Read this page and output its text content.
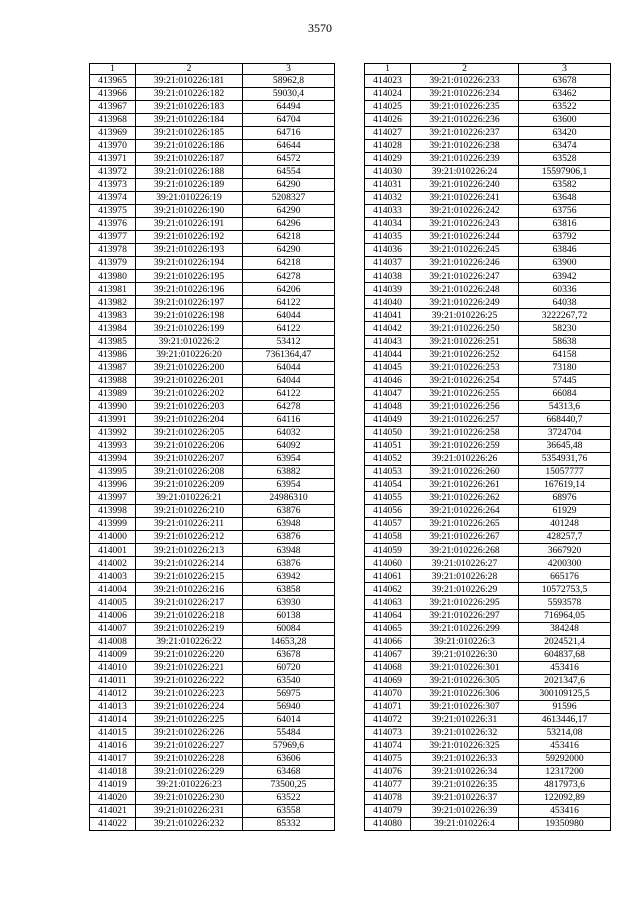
3570
1	2	3
413965	39:21:010226:181	58962,8
413966	39:21:010226:182	59030,4
413967	39:21:010226:183	64494
413968	39:21:010226:184	64704
413969	39:21:010226:185	64716
413970	39:21:010226:186	64644
413971	39:21:010226:187	64572
413972	39:21:010226:188	64554
413973	39:21:010226:189	64290
413974	39:21:010226:19	5208327
413975	39:21:010226:190	64290
413976	39:21:010226:191	64296
413977	39:21:010226:192	64218
413978	39:21:010226:193	64290
413979	39:21:010226:194	64218
413980	39:21:010226:195	64278
413981	39:21:010226:196	64206
413982	39:21:010226:197	64122
413983	39:21:010226:198	64044
413984	39:21:010226:199	64122
413985	39:21:010226:2	53412
413986	39:21:010226:20	7361364,47
413987	39:21:010226:200	64044
413988	39:21:010226:201	64044
413989	39:21:010226:202	64122
413990	39:21:010226:203	64278
413991	39:21:010226:204	64116
413992	39:21:010226:205	64032
413993	39:21:010226:206	64092
413994	39:21:010226:207	63954
413995	39:21:010226:208	63882
413996	39:21:010226:209	63954
413997	39:21:010226:21	24986310
413998	39:21:010226:210	63876
413999	39:21:010226:211	63948
414000	39:21:010226:212	63876
414001	39:21:010226:213	63948
414002	39:21:010226:214	63876
414003	39:21:010226:215	63942
414004	39:21:010226:216	63858
414005	39:21:010226:217	63930
414006	39:21:010226:218	60138
414007	39:21:010226:219	60084
414008	39:21:010226:22	14653,28
414009	39:21:010226:220	63678
414010	39:21:010226:221	60720
414011	39:21:010226:222	63540
414012	39:21:010226:223	56975
414013	39:21:010226:224	56940
414014	39:21:010226:225	64014
414015	39:21:010226:226	55484
414016	39:21:010226:227	57969,6
414017	39:21:010226:228	63606
414018	39:21:010226:229	63468
414019	39:21:010226:23	73500,25
414020	39:21:010226:230	63522
414021	39:21:010226:231	63558
414022	39:21:010226:232	85332
1	2	3
414023	39:21:010226:233	63678
414024	39:21:010226:234	63462
414025	39:21:010226:235	63522
414026	39:21:010226:236	63600
414027	39:21:010226:237	63420
414028	39:21:010226:238	63474
414029	39:21:010226:239	63528
414030	39:21:010226:24	15597906,1
414031	39:21:010226:240	63582
414032	39:21:010226:241	63648
414033	39:21:010226:242	63756
414034	39:21:010226:243	63816
414035	39:21:010226:244	63792
414036	39:21:010226:245	63846
414037	39:21:010226:246	63900
414038	39:21:010226:247	63942
414039	39:21:010226:248	60336
414040	39:21:010226:249	64038
414041	39:21:010226:25	3222267,72
414042	39:21:010226:250	58230
414043	39:21:010226:251	58638
414044	39:21:010226:252	64158
414045	39:21:010226:253	73180
414046	39:21:010226:254	57445
414047	39:21:010226:255	66084
414048	39:21:010226:256	54313,6
414049	39:21:010226:257	668440,7
414050	39:21:010226:258	3724704
414051	39:21:010226:259	36645,48
414052	39:21:010226:26	5354931,76
414053	39:21:010226:260	15057777
414054	39:21:010226:261	167619,14
414055	39:21:010226:262	68976
414056	39:21:010226:264	61929
414057	39:21:010226:265	401248
414058	39:21:010226:267	428257,7
414059	39:21:010226:268	3667920
414060	39:21:010226:27	4200300
414061	39:21:010226:28	665176
414062	39:21:010226:29	10572753,5
414063	39:21:010226:295	5593578
414064	39:21:010226:297	716964,05
414065	39:21:010226:299	384248
414066	39:21:010226:3	2024521,4
414067	39:21:010226:30	604837,68
414068	39:21:010226:301	453416
414069	39:21:010226:305	2021347,6
414070	39:21:010226:306	300109125,5
414071	39:21:010226:307	91596
414072	39:21:010226:31	4613446,17
414073	39:21:010226:32	53214,08
414074	39:21:010226:325	453416
414075	39:21:010226:33	59292000
414076	39:21:010226:34	12317200
414077	39:21:010226:35	4817973,6
414078	39:21:010226:37	122092,89
414079	39:21:010226:39	453416
414080	39:21:010226:4	19350980
